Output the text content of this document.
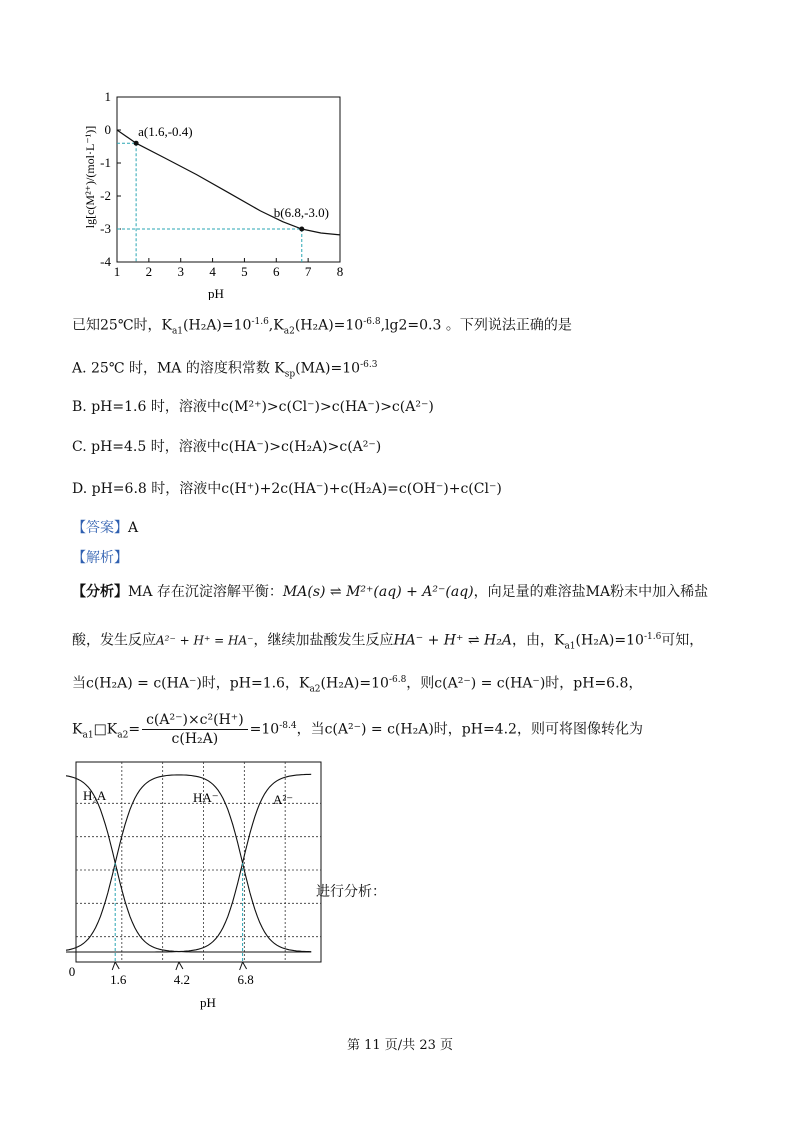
1 2 3 4 5 6 7 8
1
0
-1
-2
-3
-4
a(1.6,-0.4)
b(6.8,-3.0)
pH
lg[c(M²⁺)/(mol·L⁻¹)]
已知25℃时，$K_{a1}(H_2A)=10^{-1.6},K_{a2}(H_2A)=10^{-6.8},\lg 2=0.3$ 。下列说法正确的是
A. 25℃ 时，MA 的溶度积常数 $K_{sp}(MA)=10^{-6.3}$
B. pH=1.6 时，溶液中c(M²⁺)>c(Cl⁻)>c(HA⁻)>c(A²⁻)
C. pH=4.5 时，溶液中c(HA⁻)>c(H₂A)>c(A²⁻)
D. pH=6.8 时，溶液中c(H⁺)+2c(HA⁻)+c(H₂A)=c(OH⁻)+c(Cl⁻)
【答案】A
【解析】
【分析】MA 存在沉淀溶解平衡：MA(s) ⇌ M²⁺(aq) + A²⁻(aq)，向足量的难溶盐MA粉末中加入稀盐
酸，发生反应A²⁻ + H⁺ = HA⁻，继续加盐酸发生反应HA⁻ + H⁺ ⇌ H₂A，由，$K_{a1}(H_2A)=10^{-1.6}$可知，
当c(H₂A) = c(HA⁻)时，pH=1.6，$K_{a2}(H_2A)=10^{-6.8}$，则c(A²⁻) = c(HA⁻)时，pH=6.8，
$K_{a1}□K_{a2}= \frac{\text{c(A²⁻)×c²(H⁺)}}{\text{c(H₂A)}} =10^{-8.4}$，当c(A²⁻) = c(H₂A)时，pH=4.2，则可将图像转化为
1.6	4.2	6.8
H₂A	HA⁻	A²⁻
0
pH
进行分析：
第 11 页/共 23 页
